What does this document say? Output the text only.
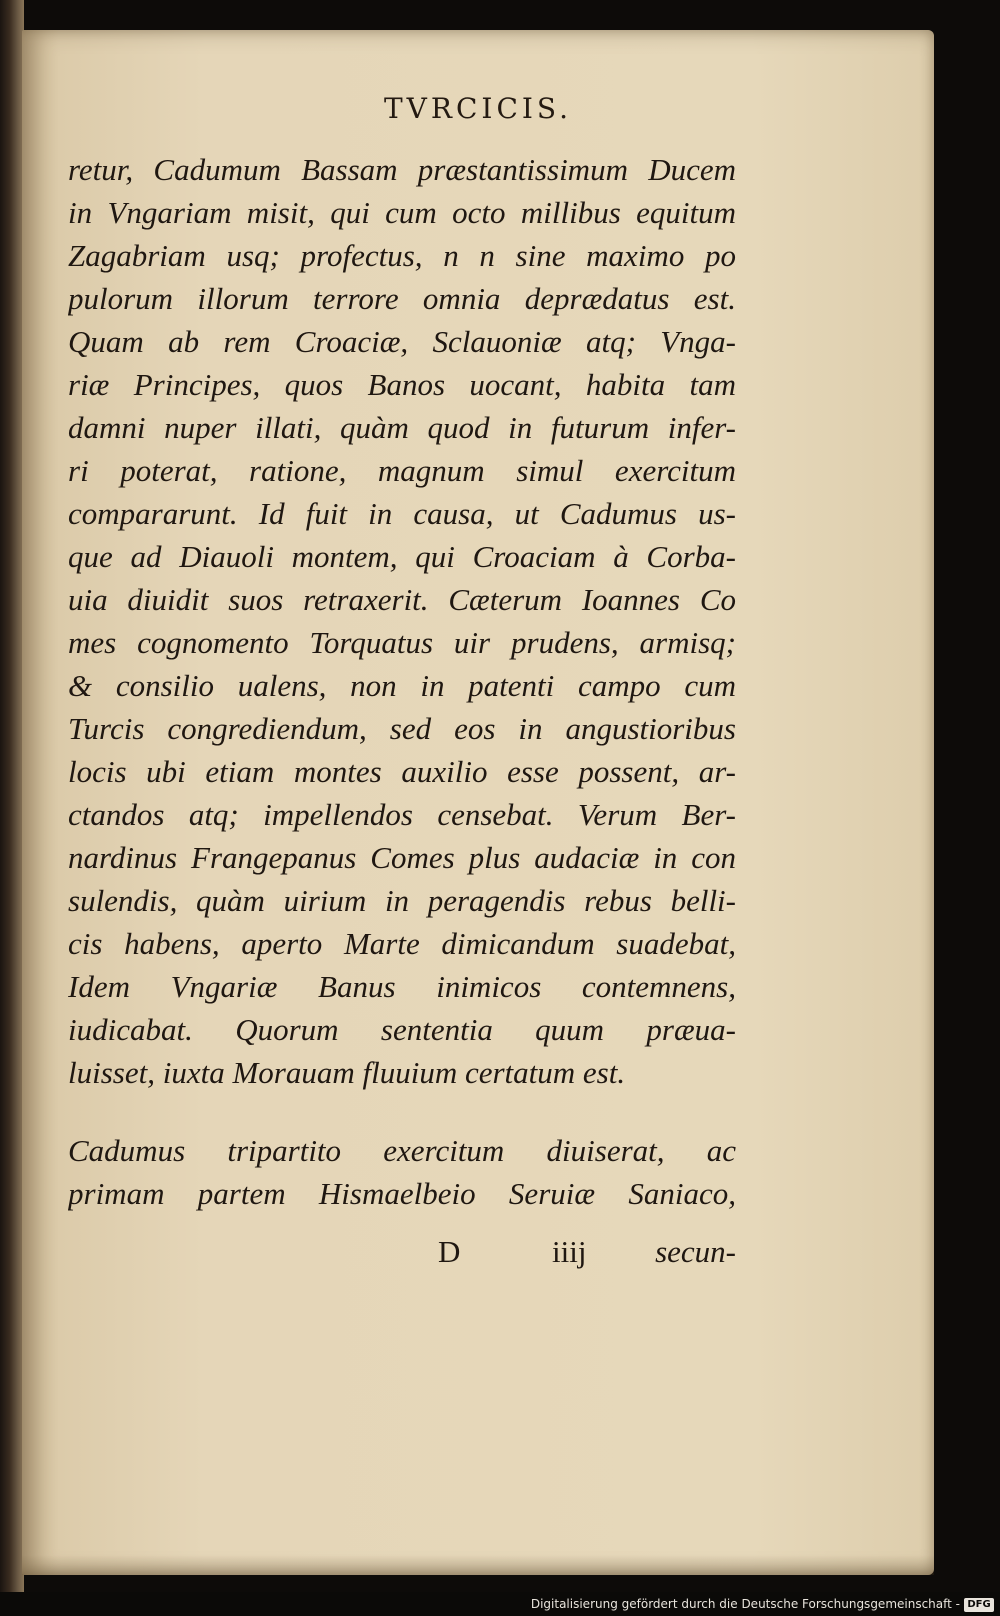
TVRCICIS.
retur, Cadumum Bassam præstantissimum Ducem
in Vngariam misit, qui cum octo millibus equitum
Zagabriam usq; profectus, n n sine maximo po
pulorum illorum terrore omnia deprædatus est.
Quam ab rem Croaciæ, Sclauoniæ atq; Vnga-
riæ Principes, quos Banos uocant, habita tam
damni nuper illati, quàm quod in futurum infer-
ri poterat, ratione, magnum simul exercitum
compararunt. Id fuit in causa, ut Cadumus us-
que ad Diauoli montem, qui Croaciam à Corba-
uia diuidit suos retraxerit. Cæterum Ioannes Co
mes cognomento Torquatus uir prudens, armisq;
& consilio ualens, non in patenti campo cum
Turcis congrediendum, sed eos in angustioribus
locis ubi etiam montes auxilio esse possent, ar-
ctandos atq; impellendos censebat. Verum Ber-
nardinus Frangepanus Comes plus audaciæ in con
sulendis, quàm uirium in peragendis rebus belli-
cis habens, aperto Marte dimicandum suadebat,
Idem Vngariæ Banus inimicos contemnens,
iudicabat. Quorum sententia quum præua-
luisset, iuxta Morauam fluuium certatum est.
Cadumus tripartito exercitum diuiserat, ac
primam partem Hismaelbeio Seruiæ Saniaco,
D	iiij secun-
Digitalisierung gefördert durch die Deutsche Forschungsgemeinschaft - DFG
